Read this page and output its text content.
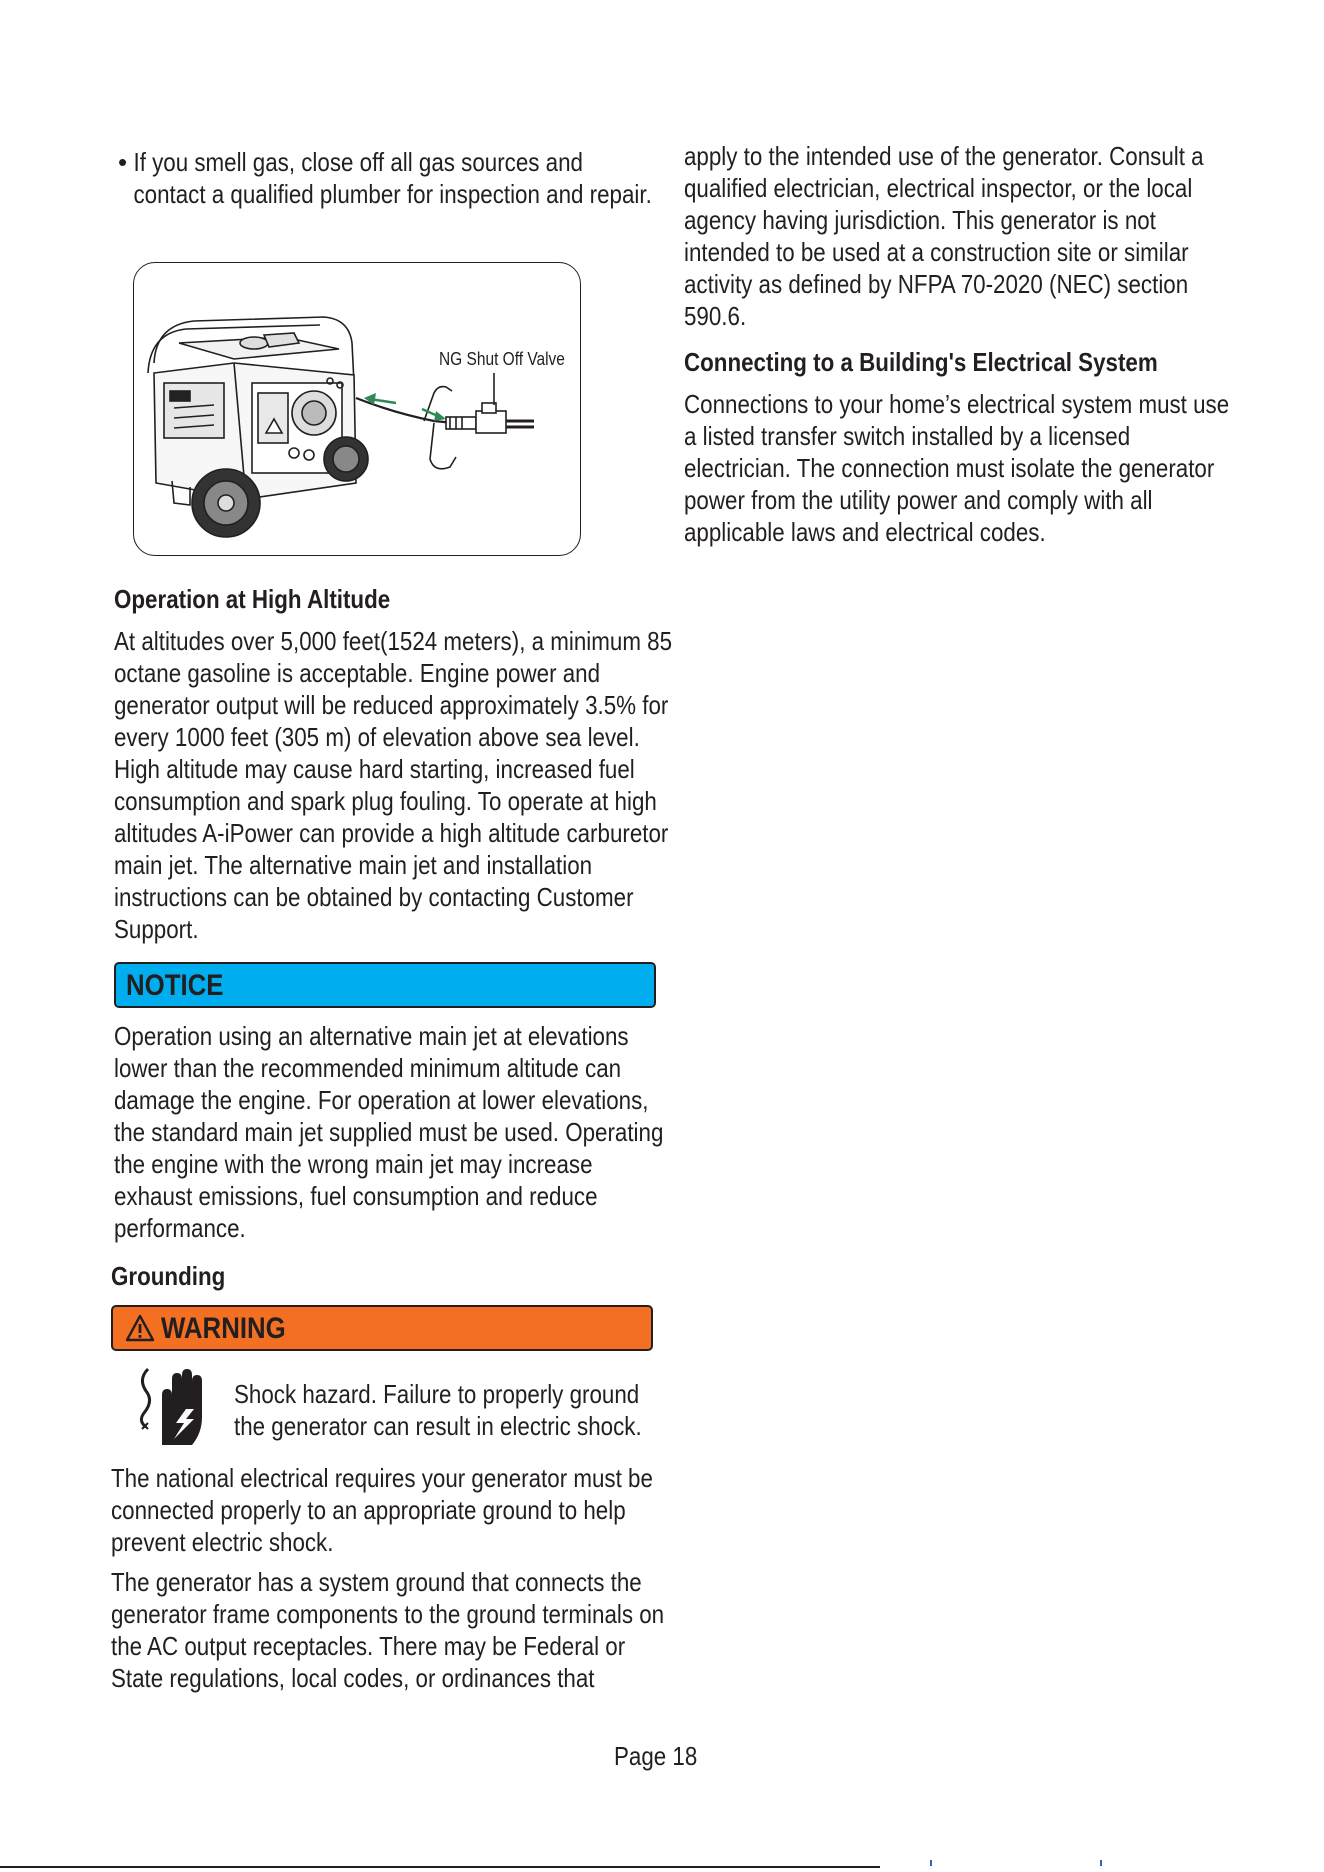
• If you smell gas, close off all gas sources and contact a qualified plumber for inspection and repair.

NG Shut Off Valve
Operation at High Altitude

At altitudes over 5,000 feet(1524 meters), a minimum 85 octane gasoline is acceptable. Engine power and generator output will be reduced approximately 3.5% for every 1000 feet (305 m) of elevation above sea level. High altitude may cause hard starting, increased fuel consumption and spark plug fouling. To operate at high altitudes A-iPower can provide a high altitude carburetor main jet. The alternative main jet and installation instructions can be obtained by contacting Customer Support.

NOTICE

Operation using an alternative main jet at elevations lower than the recommended minimum altitude can damage the engine. For operation at lower elevations, the standard main jet supplied must be used. Operating the engine with the wrong main jet may increase exhaust emissions, fuel consumption and reduce performance.

Grounding
WARNING

Shock hazard. Failure to properly ground the generator can result in electric shock.

The national electrical requires your generator must be connected properly to an appropriate ground to help prevent electric shock.

The generator has a system ground that connects the generator frame components to the ground terminals on the AC output receptacles. There may be Federal or State regulations, local codes, or ordinances that

apply to the intended use of the generator. Consult a qualified electrician, electrical inspector, or the local agency having jurisdiction. This generator is not intended to be used at a construction site or similar activity as defined by NFPA 70-2020 (NEC) section 590.6.

Connecting to a Building's Electrical System

Connections to your home’s electrical system must use a listed transfer switch installed by a licensed electrician. The connection must isolate the generator power from the utility power and comply with all applicable laws and electrical codes.

Page 18
